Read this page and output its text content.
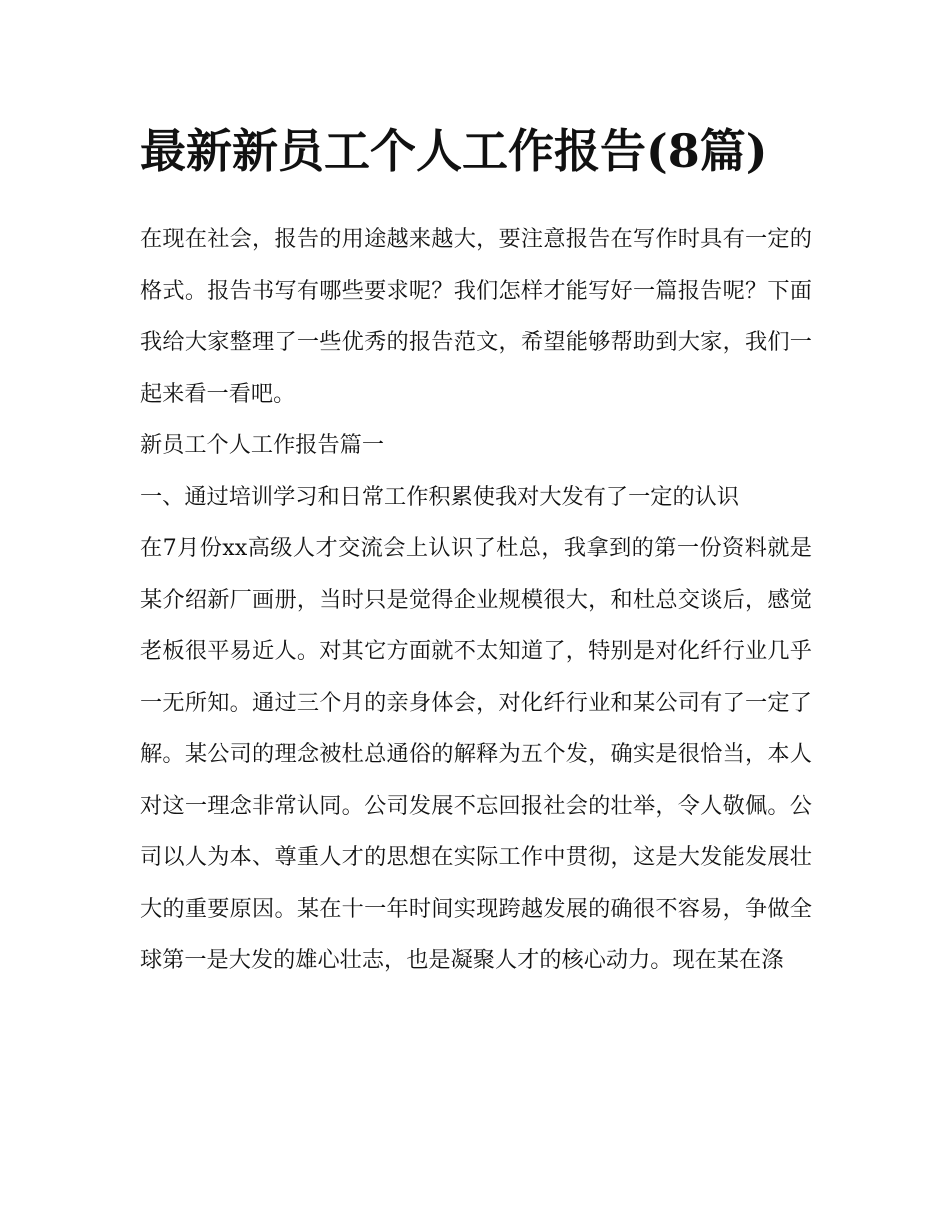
最新新员工个人工作报告(8篇)

在现在社会，报告的用途越来越大，要注意报告在写作时具有一定的格式。报告书写有哪些要求呢？我们怎样才能写好一篇报告呢？下面我给大家整理了一些优秀的报告范文，希望能够帮助到大家，我们一起来看一看吧。

新员工个人工作报告篇一

一、通过培训学习和日常工作积累使我对大发有了一定的认识

在7月份xx高级人才交流会上认识了杜总，我拿到的第一份资料就是某介绍新厂画册，当时只是觉得企业规模很大，和杜总交谈后，感觉老板很平易近人。对其它方面就不太知道了，特别是对化纤行业几乎一无所知。通过三个月的亲身体会，对化纤行业和某公司有了一定了解。某公司的理念被杜总通俗的解释为五个发，确实是很恰当，本人对这一理念非常认同。公司发展不忘回报社会的壮举，令人敬佩。公司以人为本、尊重人才的思想在实际工作中贯彻，这是大发能发展壮大的重要原因。某在十一年时间实现跨越发展的确很不容易，争做全球第一是大发的雄心壮志，也是凝聚人才的核心动力。现在某在涤
